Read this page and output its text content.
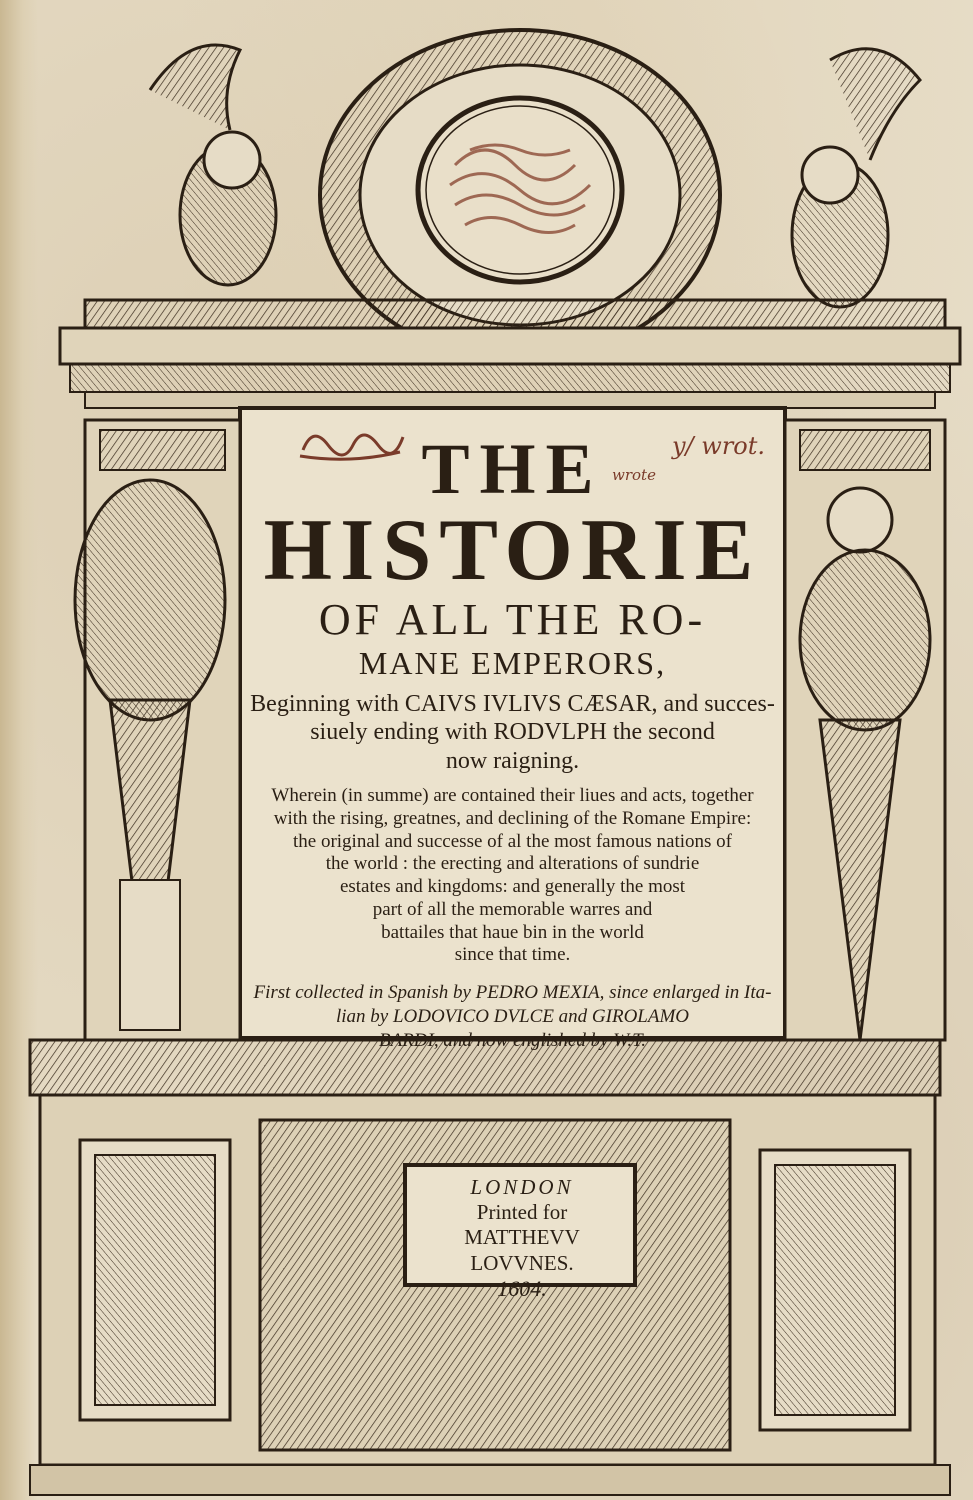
THE
HISTORIE
OF ALL THE RO-
MANE EMPERORS,
Beginning with CAIVS IVLIVS CÆSAR, and succes-
siuely ending with RODVLPH the second
now raigning.
Wherein (in summe) are contained their liues and acts, together
with the rising, greatnes, and declining of the Romane Empire:
the original and successe of al the most famous nations of
the world : the erecting and alterations of sundrie
estates and kingdoms: and generally the most
part of all the memorable warres and
battailes that haue bin in the world
since that time.
First collected in Spanish by PEDRO MEXIA, since enlarged in Ita-
lian by LODOVICO DVLCE and GIROLAMO
BARDI, and now englished by W.T.
LONDON
Printed for MATTHEVV
LOVVNES.
1604.
y/ wrot.
wrote
